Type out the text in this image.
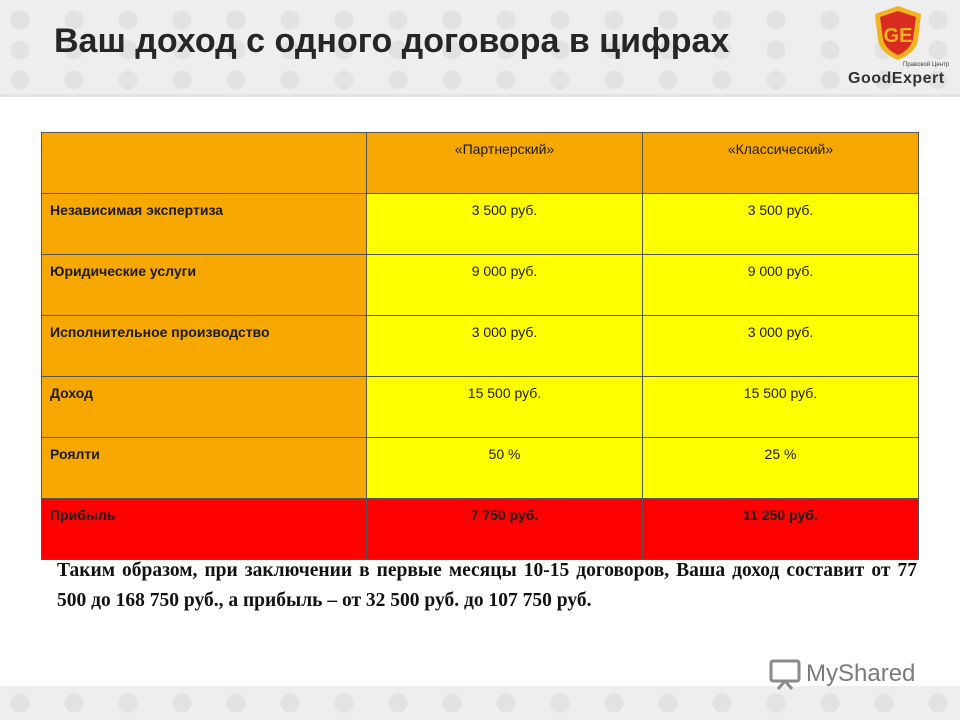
Ваш доход с одного договора в цифрах	GE
Правовой Центр
GoodExpert
	«Партнерский»	«Классический»
Независимая экспертиза	3 500 руб.	3 500 руб.
Юридические услуги	9 000 руб.	9 000 руб.
Исполнительное производство	3 000 руб.	3 000 руб.
Доход	15 500 руб.	15 500 руб.
Роялти	50 %	25 %
Прибыль	7 750 руб.	11 250 руб.

Таким образом, при заключении в первые месяцы 10-15 договоров, Ваша доход составит от 77 500 до 168 750 руб., а прибыль – от 32 500 руб. до 107 750 руб.

MyShared
